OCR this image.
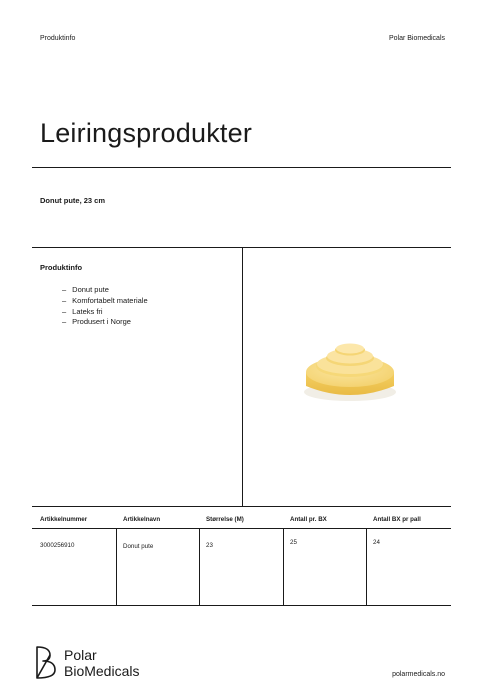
Produktinfo	Polar Biomedicals
Leiringsprodukter
Donut pute, 23 cm
Produktinfo
– Donut pute
– Komfortabelt materiale
– Lateks fri
– Produsert i Norge
Artikkelnummer	Artikkelnavn	Størrelse (M)	Antall pr. BX	Antall BX pr pall
3000256910	Donut pute	23	25	24
Polar
BioMedicals	polarmedicals.no
